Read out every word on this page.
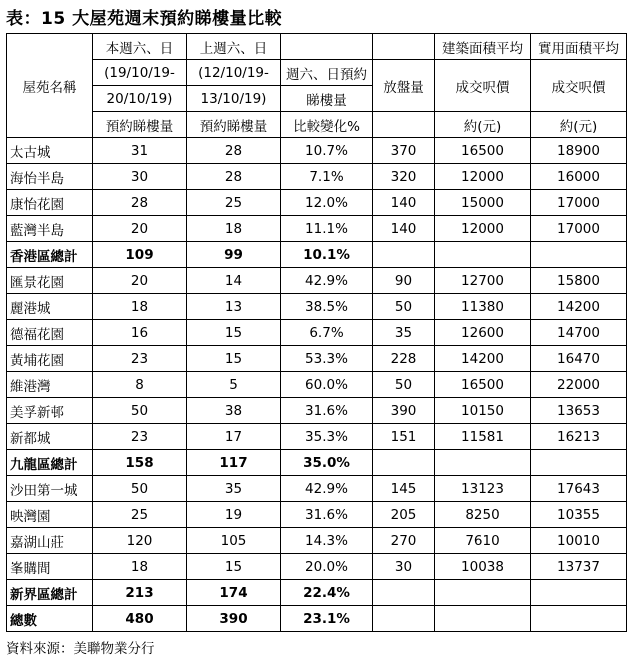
表：15 大屋苑週末預約睇樓量比較
屋苑名稱	本週六、日	上週六、日			建築面積平均	實用面積平均
	(19/10/19-	(12/10/19-	週六、日預約	放盤量	成交呎價	成交呎價
	20/10/19)	13/10/19)	睇樓量			
	預約睇樓量	預約睇樓量	比較變化%		約(元)	約(元)
太古城	31	28	10.7%	370	16500	18900
海怡半島	30	28	7.1%	320	12000	16000
康怡花園	28	25	12.0%	140	15000	17000
藍灣半島	20	18	11.1%	140	12000	17000
香港區總計	109	99	10.1%			
匯景花園	20	14	42.9%	90	12700	15800
麗港城	18	13	38.5%	50	11380	14200
德福花園	16	15	6.7%	35	12600	14700
黃埔花園	23	15	53.3%	228	14200	16470
維港灣	8	5	60.0%	50	16500	22000
美孚新邨	50	38	31.6%	390	10150	13653
新都城	23	17	35.3%	151	11581	16213
九龍區總計	158	117	35.0%			
沙田第一城	50	35	42.9%	145	13123	17643
映灣園	25	19	31.6%	205	8250	10355
嘉湖山莊	120	105	14.3%	270	7610	10010
峯購間	18	15	20.0%	30	10038	13737
新界區總計	213	174	22.4%			
總數	480	390	23.1%			
資料來源：美聯物業分行
